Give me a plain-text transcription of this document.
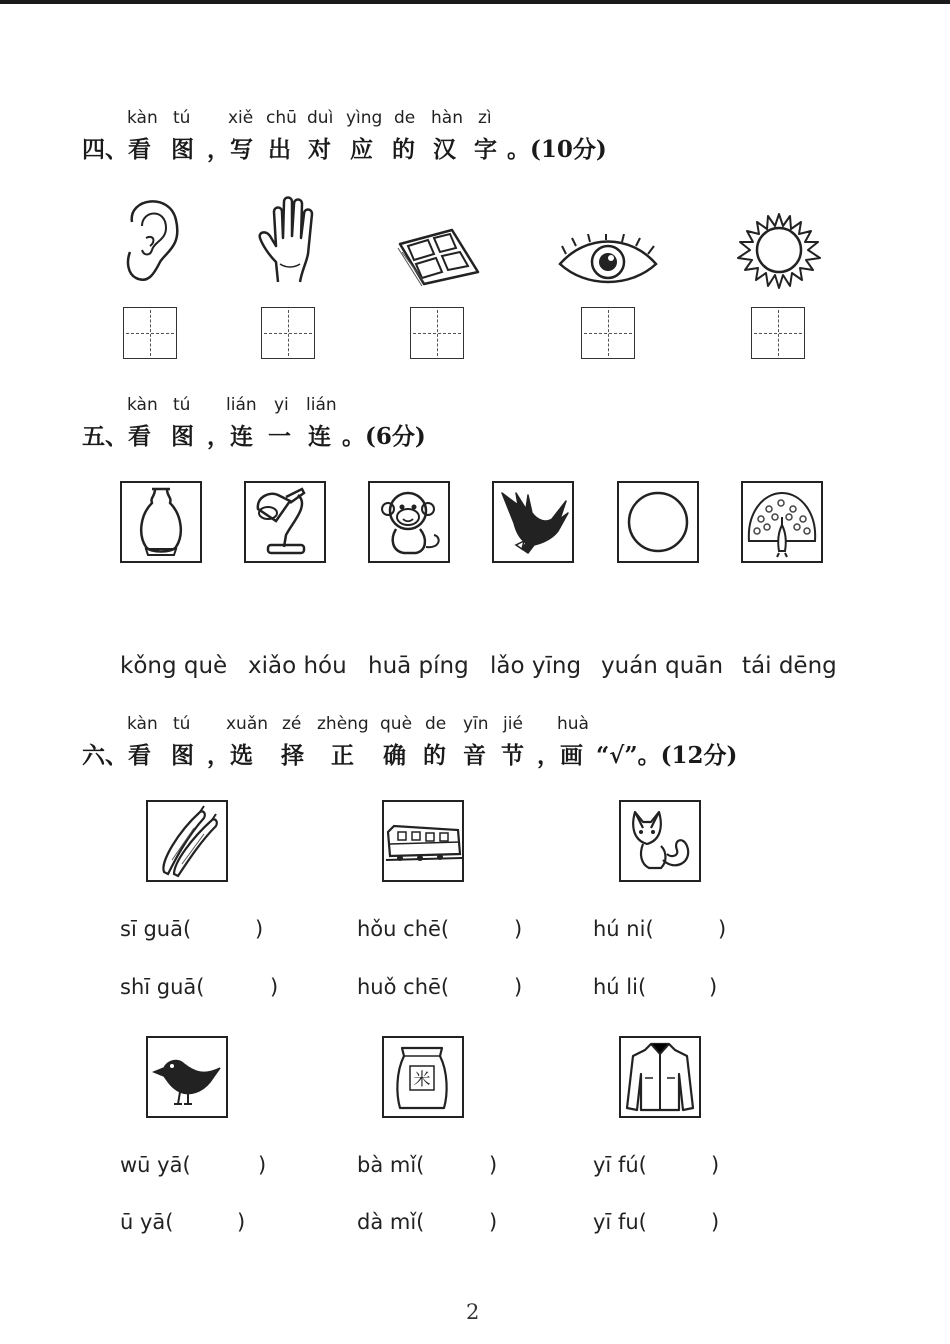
kàn tú xiě chū duì yìng de hàn zì
四、看 图 ，写 出 对 应 的 汉 字 。(10分)
kàn tú lián yi lián
五、看 图 ，连 一 连 。(6分)
kǒng què xiǎo hóu huā píng lǎo yīng yuán quān tái dēng
kàn tú xuǎn zé zhèng què de yīn jié huà
六、看 图 ，选 择 正 确 的 音 节 ，画 “√”。(12分)
sī guā(	)
shī guā(	)
hǒu chē(	)
huǒ chē(	)
hú ni(	)
hú li(	)
米
wū yā(	)
ū yā(	)
bà mǐ(	)
dà mǐ(	)
yī fú(	)
yī fu(	)
2
